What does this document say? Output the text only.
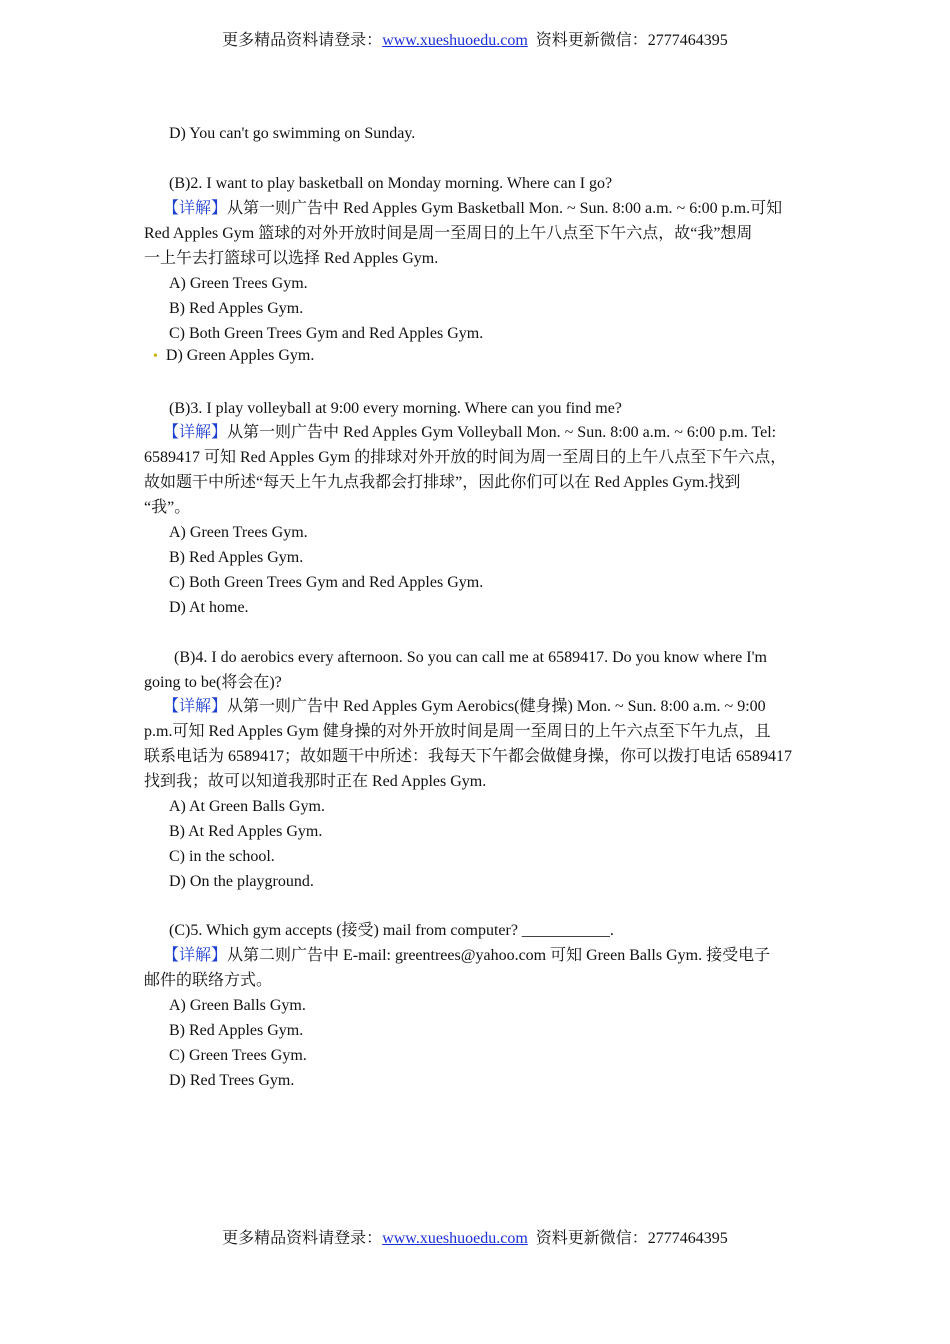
更多精品资料请登录：www.xueshuoedu.com 资料更新微信：2777464395
D) You can't go swimming on Sunday.
(B)2. I want to play basketball on Monday morning. Where can I go?
【详解】从第一则广告中 Red Apples Gym Basketball Mon. ~ Sun. 8:00 a.m. ~ 6:00 p.m.可知
Red Apples Gym 篮球的对外开放时间是周一至周日的上午八点至下午六点，故“我”想周
一上午去打篮球可以选择 Red Apples Gym.
A) Green Trees Gym.
B) Red Apples Gym.
C) Both Green Trees Gym and Red Apples Gym.
• D) Green Apples Gym.
(B)3. I play volleyball at 9:00 every morning. Where can you find me?
【详解】从第一则广告中 Red Apples Gym Volleyball Mon. ~ Sun. 8:00 a.m. ~ 6:00 p.m. Tel:
6589417 可知 Red Apples Gym 的排球对外开放的时间为周一至周日的上午八点至下午六点，
故如题干中所述“每天上午九点我都会打排球”，因此你们可以在 Red Apples Gym.找到
“我”。
A) Green Trees Gym.
B) Red Apples Gym.
C) Both Green Trees Gym and Red Apples Gym.
D) At home.
(B)4. I do aerobics every afternoon. So you can call me at 6589417. Do you know where I'm
going to be(将会在)?
【详解】从第一则广告中 Red Apples Gym Aerobics(健身操) Mon. ~ Sun. 8:00 a.m. ~ 9:00
p.m.可知 Red Apples Gym 健身操的对外开放时间是周一至周日的上午六点至下午九点，且
联系电话为 6589417；故如题干中所述：我每天下午都会做健身操，你可以拨打电话 6589417
找到我；故可以知道我那时正在 Red Apples Gym.
A) At Green Balls Gym.
B) At Red Apples Gym.
C) in the school.
D) On the playground.
(C)5. Which gym accepts (接受) mail from computer? ___________.
【详解】从第二则广告中 E-mail: greentrees@yahoo.com 可知 Green Balls Gym. 接受电子
邮件的联络方式。
A) Green Balls Gym.
B) Red Apples Gym.
C) Green Trees Gym.
D) Red Trees Gym.
更多精品资料请登录：www.xueshuoedu.com 资料更新微信：2777464395
